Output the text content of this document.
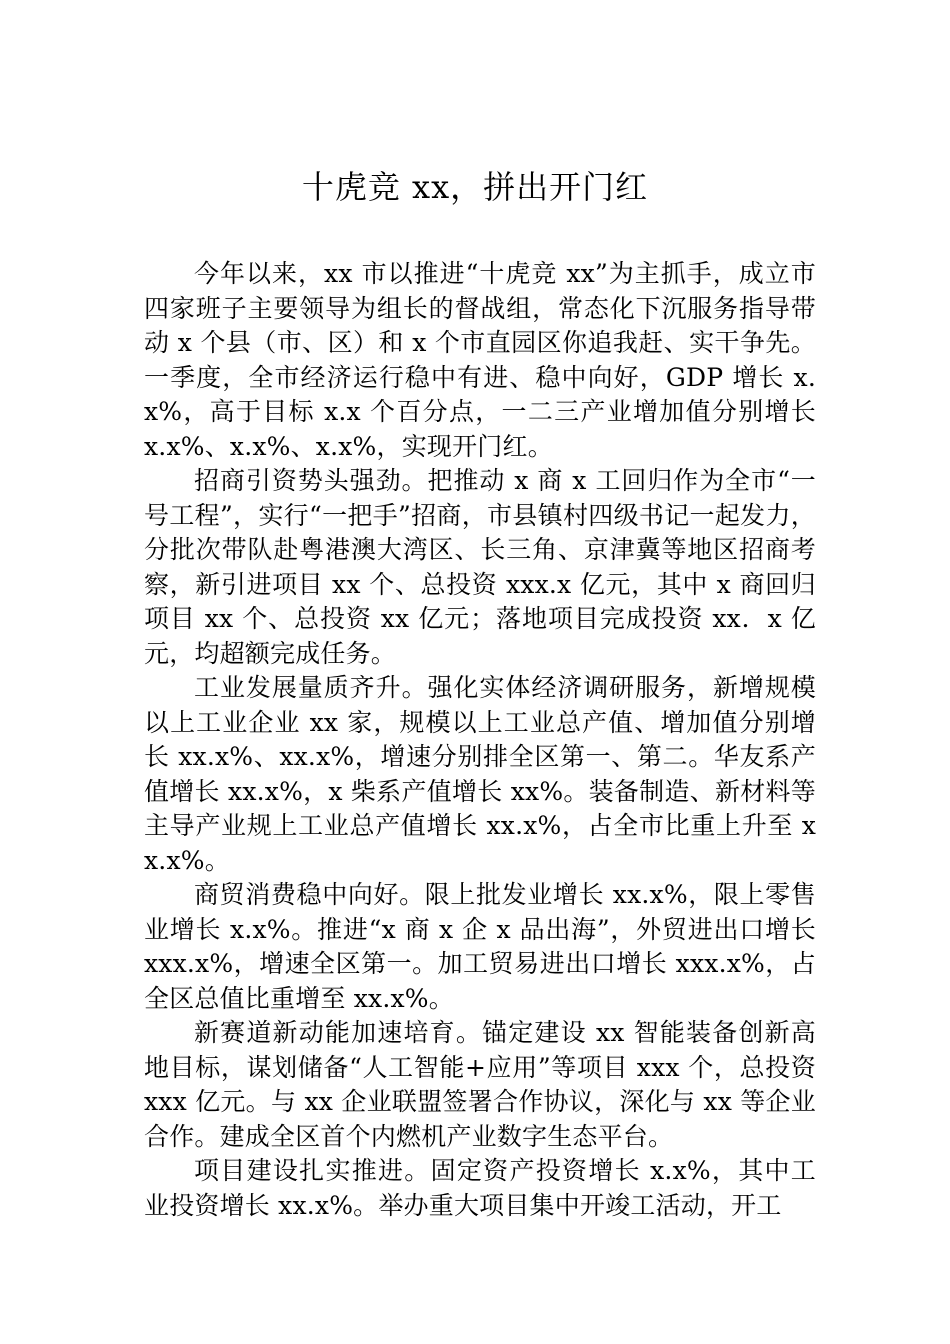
十虎竞 xx，拼出开门红

今年以来，xx 市以推进“十虎竞 xx”为主抓手，成立市四家班子主要领导为组长的督战组，常态化下沉服务指导带动 x 个县（市、区）和 x 个市直园区你追我赶、实干争先。一季度，全市经济运行稳中有进、稳中向好，GDP 增长 x.x%，高于目标 x.x 个百分点，一二三产业增加值分别增长 x.x%、x.x%、x.x%，实现开门红。

招商引资势头强劲。把推动 x 商 x 工回归作为全市“一号工程”，实行“一把手”招商，市县镇村四级书记一起发力，分批次带队赴粤港澳大湾区、长三角、京津冀等地区招商考察，新引进项目 xx 个、总投资 xxx.x 亿元，其中 x 商回归项目 xx 个、总投资 xx 亿元；落地项目完成投资 xx．x 亿元，均超额完成任务。

工业发展量质齐升。强化实体经济调研服务，新增规模以上工业企业 xx 家，规模以上工业总产值、增加值分别增长 xx.x%、xx.x%，增速分别排全区第一、第二。华友系产值增长 xx.x%，x 柴系产值增长 xx%。装备制造、新材料等主导产业规上工业总产值增长 xx.x%，占全市比重上升至 xx.x%。

商贸消费稳中向好。限上批发业增长 xx.x%，限上零售业增长 x.x%。推进“x 商 x 企 x 品出海”，外贸进出口增长 xxx.x%，增速全区第一。加工贸易进出口增长 xxx.x%，占全区总值比重增至 xx.x%。

新赛道新动能加速培育。锚定建设 xx 智能装备创新高地目标，谋划储备“人工智能+应用”等项目 xxx 个，总投资 xxx 亿元。与 xx 企业联盟签署合作协议，深化与 xx 等企业合作。建成全区首个内燃机产业数字生态平台。

项目建设扎实推进。固定资产投资增长 x.x%，其中工业投资增长 xx.x%。举办重大项目集中开竣工活动，开工
